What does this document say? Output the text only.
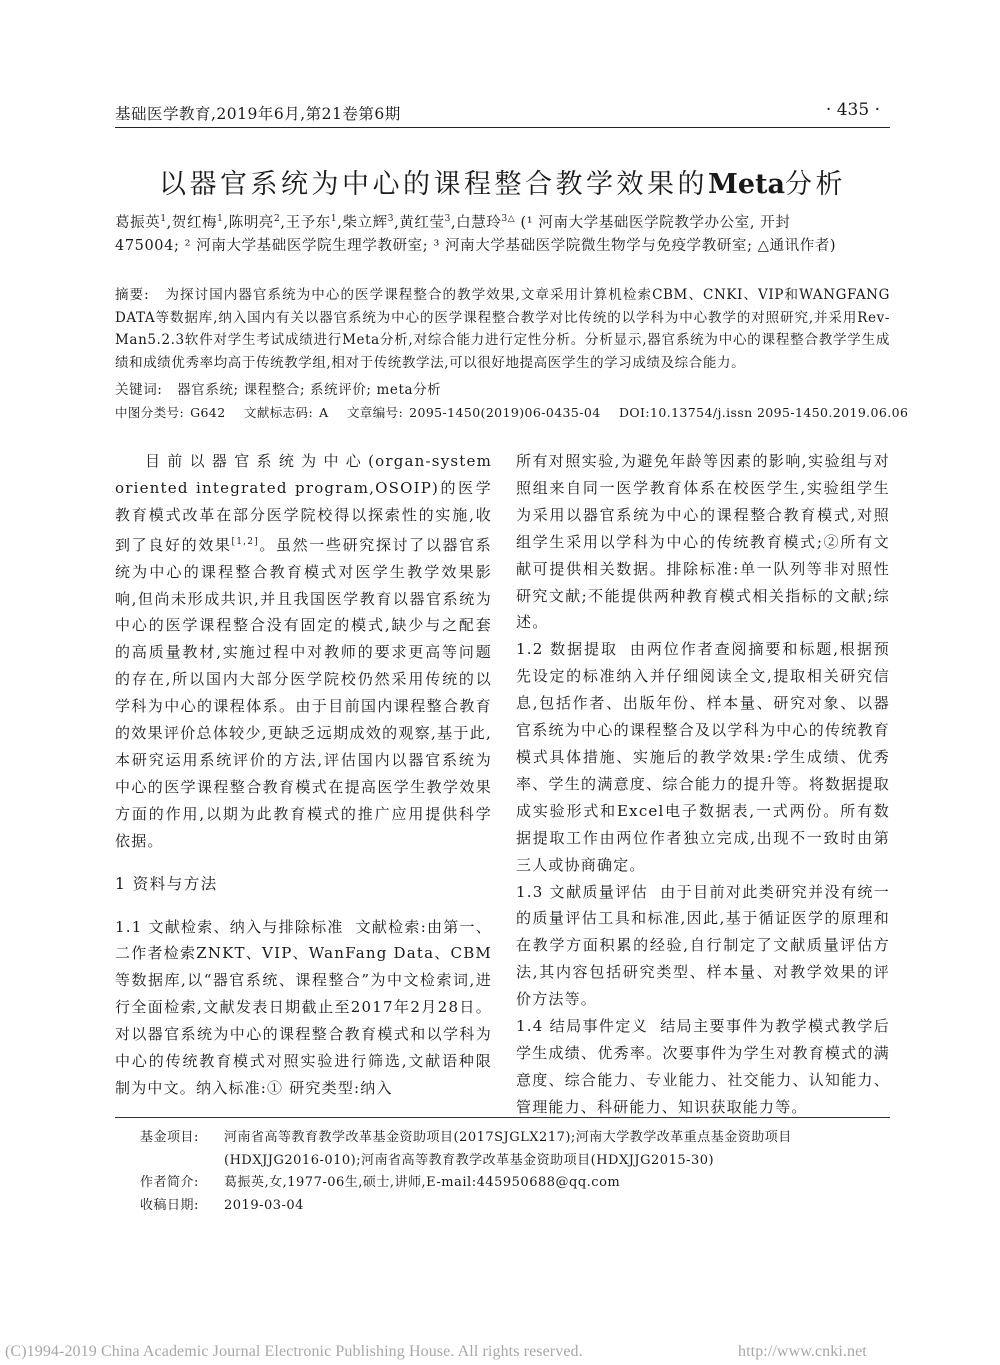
基础医学教育,2019年6月,第21卷第6期	· 435 ·
以器官系统为中心的课程整合教学效果的Meta分析
葛振英$^1$,贺红梅$^1$,陈明亮$^2$,王予东$^1$,柴立辉$^3$,黄红莹$^3$,白慧玲$^{3\triangle}$ (¹ 河南大学基础医学院教学办公室, 开封
475004; ² 河南大学基础医学院生理学教研室; ³ 河南大学基础医学院微生物学与免疫学教研室; △通讯作者)
摘要: 为探讨国内器官系统为中心的医学课程整合的教学效果,文章采用计算机检索CBM、CNKI、VIP和WANGFANG DATA等数据库,纳入国内有关以器官系统为中心的医学课程整合教学对比传统的以学科为中心教学的对照研究,并采用Rev-Man5.2.3软件对学生考试成绩进行Meta分析,对综合能力进行定性分析。分析显示,器官系统为中心的课程整合教学学生成绩和成绩优秀率均高于传统教学组,相对于传统教学法,可以很好地提高医学生的学习成绩及综合能力。
关键词: 器官系统; 课程整合; 系统评价; meta分析
中图分类号: G642 文献标志码: A 文章编号: 2095-1450(2019)06-0435-04 DOI:10.13754/j.issn 2095-1450.2019.06.06

目前以器官系统为中心(organ-system oriented integrated program,OSOIP)的医学教育模式改革在部分医学院校得以探索性的实施,收到了良好的效果[1,2]。虽然一些研究探讨了以器官系统为中心的课程整合教育模式对医学生教学效果影响,但尚未形成共识,并且我国医学教育以器官系统为中心的医学课程整合没有固定的模式,缺少与之配套的高质量教材,实施过程中对教师的要求更高等问题的存在,所以国内大部分医学院校仍然采用传统的以学科为中心的课程体系。由于目前国内课程整合教育的效果评价总体较少,更缺乏远期成效的观察,基于此,本研究运用系统评价的方法,评估国内以器官系统为中心的医学课程整合教育模式在提高医学生教学效果方面的作用,以期为此教育模式的推广应用提供科学依据。

1 资料与方法

1.1 文献检索、纳入与排除标准 文献检索:由第一、二作者检索ZNKT、VIP、WanFang Data、CBM等数据库,以“器官系统、课程整合”为中文检索词,进行全面检索,文献发表日期截止至2017年2月28日。对以器官系统为中心的课程整合教育模式和以学科为中心的传统教育模式对照实验进行筛选,文献语种限制为中文。纳入标准:① 研究类型:纳入

所有对照实验,为避免年龄等因素的影响,实验组与对照组来自同一医学教育体系在校医学生,实验组学生为采用以器官系统为中心的课程整合教育模式,对照组学生采用以学科为中心的传统教育模式;②所有文献可提供相关数据。排除标准:单一队列等非对照性研究文献;不能提供两种教育模式相关指标的文献;综述。

1.2 数据提取 由两位作者查阅摘要和标题,根据预先设定的标准纳入并仔细阅读全文,提取相关研究信息,包括作者、出版年份、样本量、研究对象、以器官系统为中心的课程整合及以学科为中心的传统教育模式具体措施、实施后的教学效果:学生成绩、优秀率、学生的满意度、综合能力的提升等。将数据提取成实验形式和Excel电子数据表,一式两份。所有数据提取工作由两位作者独立完成,出现不一致时由第三人或协商确定。

1.3 文献质量评估 由于目前对此类研究并没有统一的质量评估工具和标准,因此,基于循证医学的原理和在教学方面积累的经验,自行制定了文献质量评估方法,其内容包括研究类型、样本量、对教学效果的评价方法等。

1.4 结局事件定义 结局主要事件为教学模式教学后学生成绩、优秀率。次要事件为学生对教育模式的满意度、综合能力、专业能力、社交能力、认知能力、管理能力、科研能力、知识获取能力等。

基金项目:	河南省高等教育教学改革基金资助项目(2017SJGLX217);河南大学教学改革重点基金资助项目(HDXJJG2016-010);河南省高等教育教学改革基金资助项目(HDXJJG2015-30)
作者简介:	葛振英,女,1977-06生,硕士,讲师,E-mail:445950688@qq.com
收稿日期:	2019-03-04
(C)1994-2019 China Academic Journal Electronic Publishing House. All rights reserved.	http://www.cnki.net
